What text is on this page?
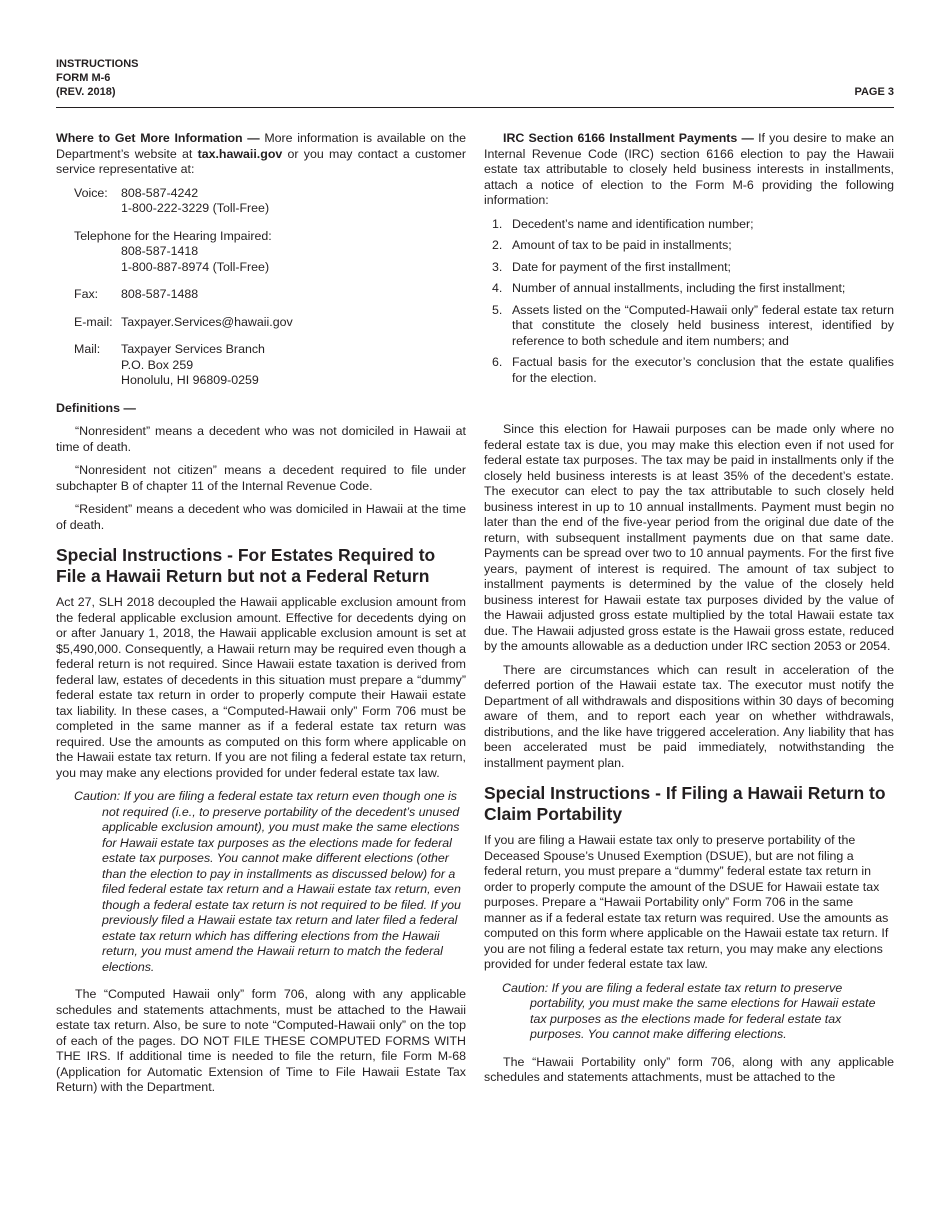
INSTRUCTIONS
FORM M-6
(REV. 2018)	PAGE 3

Where to Get More Information — More information is available on the Department’s website at tax.hawaii.gov or you may contact a customer service representative at:

Voice:	808-587-4242
1-800-222-3229 (Toll-Free)
Telephone for the Hearing Impaired:
808-587-1418
1-800-887-8974 (Toll-Free)
Fax:	808-587-1488
E-mail: Taxpayer.Services@hawaii.gov
Mail:	Taxpayer Services Branch
P.O. Box 259
Honolulu, HI 96809-0259
Definitions —

“Nonresident” means a decedent who was not domiciled in Hawaii at time of death.

“Nonresident not citizen” means a decedent required to file under subchapter B of chapter 11 of the Internal Revenue Code.

“Resident” means a decedent who was domiciled in Hawaii at the time of death.

Special Instructions - For Estates Required to File a Hawaii Return but not a Federal Return

Act 27, SLH 2018 decoupled the Hawaii applicable exclusion amount from the federal applicable exclusion amount. Effective for decedents dying on or after January 1, 2018, the Hawaii applicable exclusion amount is set at $5,490,000. Consequently, a Hawaii return may be required even though a federal return is not required. Since Hawaii estate taxation is derived from federal law, estates of decedents in this situation must prepare a “dummy” federal estate tax return in order to properly compute their Hawaii estate tax liability. In these cases, a “Computed-Hawaii only” Form 706 must be completed in the same manner as if a federal estate tax return was required. Use the amounts as computed on this form where applicable on the Hawaii estate tax return. If you are not filing a federal estate tax return, you may make any elections provided for under federal estate tax law.

Caution: If you are filing a federal estate tax return even though one is not required (i.e., to preserve portability of the decedent’s unused applicable exclusion amount), you must make the same elections for Hawaii estate tax purposes as the elections made for federal estate tax purposes. You cannot make different elections (other than the election to pay in installments as discussed below) for a filed federal estate tax return and a Hawaii estate tax return, even though a federal estate tax return is not required to be filed. If you previously filed a Hawaii estate tax return and later filed a federal estate tax return which has differing elections from the Hawaii return, you must amend the Hawaii return to match the federal elections.

The “Computed Hawaii only” form 706, along with any applicable schedules and statements attachments, must be attached to the Hawaii estate tax return. Also, be sure to note “Computed-Hawaii only” on the top of each of the pages. DO NOT FILE THESE COMPUTED FORMS WITH THE IRS. If additional time is needed to file the return, file Form M-68 (Application for Automatic Extension of Time to File Hawaii Estate Tax Return) with the Department.

IRC Section 6166 Installment Payments — If you desire to make an Internal Revenue Code (IRC) section 6166 election to pay the Hawaii estate tax attributable to closely held business interests in installments, attach a notice of election to the Form M-6 providing the following information:

1. Decedent’s name and identification number;
2. Amount of tax to be paid in installments;
3. Date for payment of the first installment;
4. Number of annual installments, including the first installment;
5. Assets listed on the “Computed-Hawaii only” federal estate tax return that constitute the closely held business interest, identified by reference to both schedule and item numbers; and
6. Factual basis for the executor’s conclusion that the estate qualifies for the election.

Since this election for Hawaii purposes can be made only where no federal estate tax is due, you may make this election even if not used for federal estate tax purposes. The tax may be paid in installments only if the closely held business interests is at least 35% of the decedent’s estate. The executor can elect to pay the tax attributable to such closely held business interest in up to 10 annual installments. Payment must begin no later than the end of the five-year period from the original due date of the return, with subsequent installment payments due on that same date. Payments can be spread over two to 10 annual payments. For the first five years, payment of interest is required. The amount of tax subject to installment payments is determined by the value of the closely held business interest for Hawaii estate tax purposes divided by the value of the Hawaii adjusted gross estate multiplied by the total Hawaii estate tax due. The Hawaii adjusted gross estate is the Hawaii gross estate, reduced by the amounts allowable as a deduction under IRC section 2053 or 2054.

There are circumstances which can result in acceleration of the deferred portion of the Hawaii estate tax. The executor must notify the Department of all withdrawals and dispositions within 30 days of becoming aware of them, and to report each year on whether withdrawals, distributions, and the like have triggered acceleration. Any liability that has been accelerated must be paid immediately, notwithstanding the installment payment plan.

Special Instructions - If Filing a Hawaii Return to Claim Portability

If you are filing a Hawaii estate tax only to preserve portability of the Deceased Spouse’s Unused Exemption (DSUE), but are not filing a federal return, you must prepare a “dummy” federal estate tax return in order to properly compute the amount of the DSUE for Hawaii estate tax purposes. Prepare a “Hawaii Portability only” Form 706 in the same manner as if a federal estate tax return was required. Use the amounts as computed on this form where applicable on the Hawaii estate tax return. If you are not filing a federal estate tax return, you may make any elections provided for under federal estate tax law.

Caution: If you are filing a federal estate tax return to preserve portability, you must make the same elections for Hawaii estate tax purposes as the elections made for federal estate tax purposes. You cannot make differing elections.

The “Hawaii Portability only” form 706, along with any applicable schedules and statements attachments, must be attached to the
